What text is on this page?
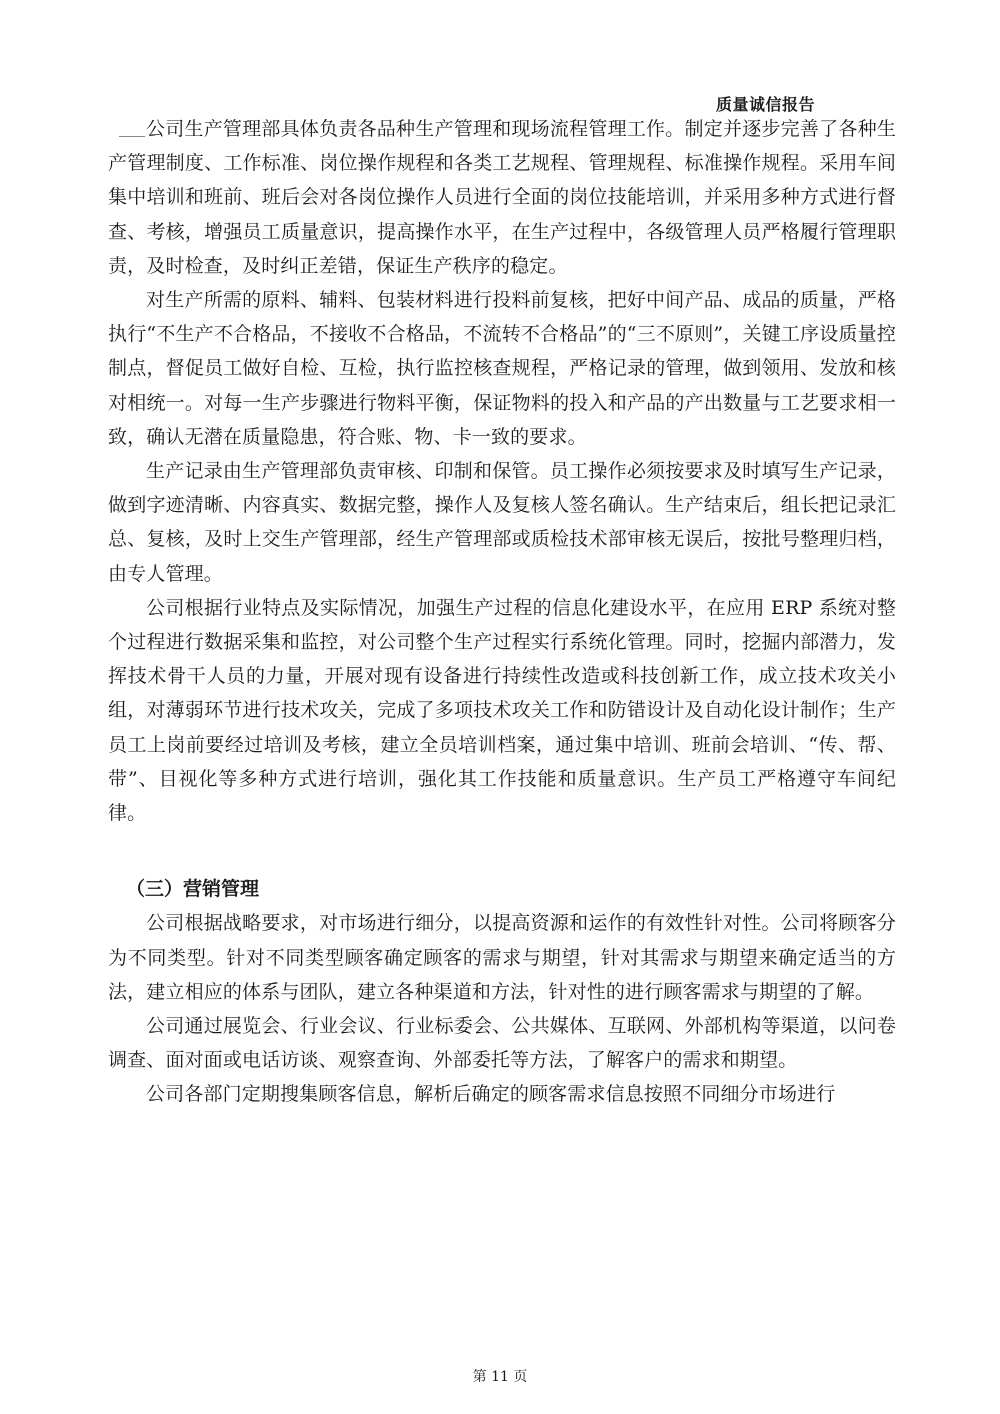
质量诚信报告

公司生产管理部具体负责各品种生产管理和现场流程管理工作。制定并逐步完善了各种生产管理制度、工作标准、岗位操作规程和各类工艺规程、管理规程、标准操作规程。采用车间集中培训和班前、班后会对各岗位操作人员进行全面的岗位技能培训，并采用多种方式进行督查、考核，增强员工质量意识，提高操作水平，在生产过程中，各级管理人员严格履行管理职责，及时检查，及时纠正差错，保证生产秩序的稳定。

对生产所需的原料、辅料、包装材料进行投料前复核，把好中间产品、成品的质量，严格执行“不生产不合格品，不接收不合格品，不流转不合格品”的“三不原则”，关键工序设质量控制点，督促员工做好自检、互检，执行监控核查规程，严格记录的管理，做到领用、发放和核对相统一。对每一生产步骤进行物料平衡，保证物料的投入和产品的产出数量与工艺要求相一致，确认无潜在质量隐患，符合账、物、卡一致的要求。

生产记录由生产管理部负责审核、印制和保管。员工操作必须按要求及时填写生产记录，做到字迹清晰、内容真实、数据完整，操作人及复核人签名确认。生产结束后，组长把记录汇总、复核，及时上交生产管理部，经生产管理部或质检技术部审核无误后，按批号整理归档，由专人管理。

公司根据行业特点及实际情况，加强生产过程的信息化建设水平，在应用 ERP 系统对整个过程进行数据采集和监控，对公司整个生产过程实行系统化管理。同时，挖掘内部潜力，发挥技术骨干人员的力量，开展对现有设备进行持续性改造或科技创新工作，成立技术攻关小组，对薄弱环节进行技术攻关，完成了多项技术攻关工作和防错设计及自动化设计制作；生产员工上岗前要经过培训及考核，建立全员培训档案，通过集中培训、班前会培训、“传、帮、带”、目视化等多种方式进行培训，强化其工作技能和质量意识。生产员工严格遵守车间纪律。

（三）营销管理

公司根据战略要求，对市场进行细分，以提高资源和运作的有效性针对性。公司将顾客分为不同类型。针对不同类型顾客确定顾客的需求与期望，针对其需求与期望来确定适当的方法，建立相应的体系与团队，建立各种渠道和方法，针对性的进行顾客需求与期望的了解。

公司通过展览会、行业会议、行业标委会、公共媒体、互联网、外部机构等渠道，以问卷调查、面对面或电话访谈、观察查询、外部委托等方法，了解客户的需求和期望。

公司各部门定期搜集顾客信息，解析后确定的顾客需求信息按照不同细分市场进行

第 11 页
